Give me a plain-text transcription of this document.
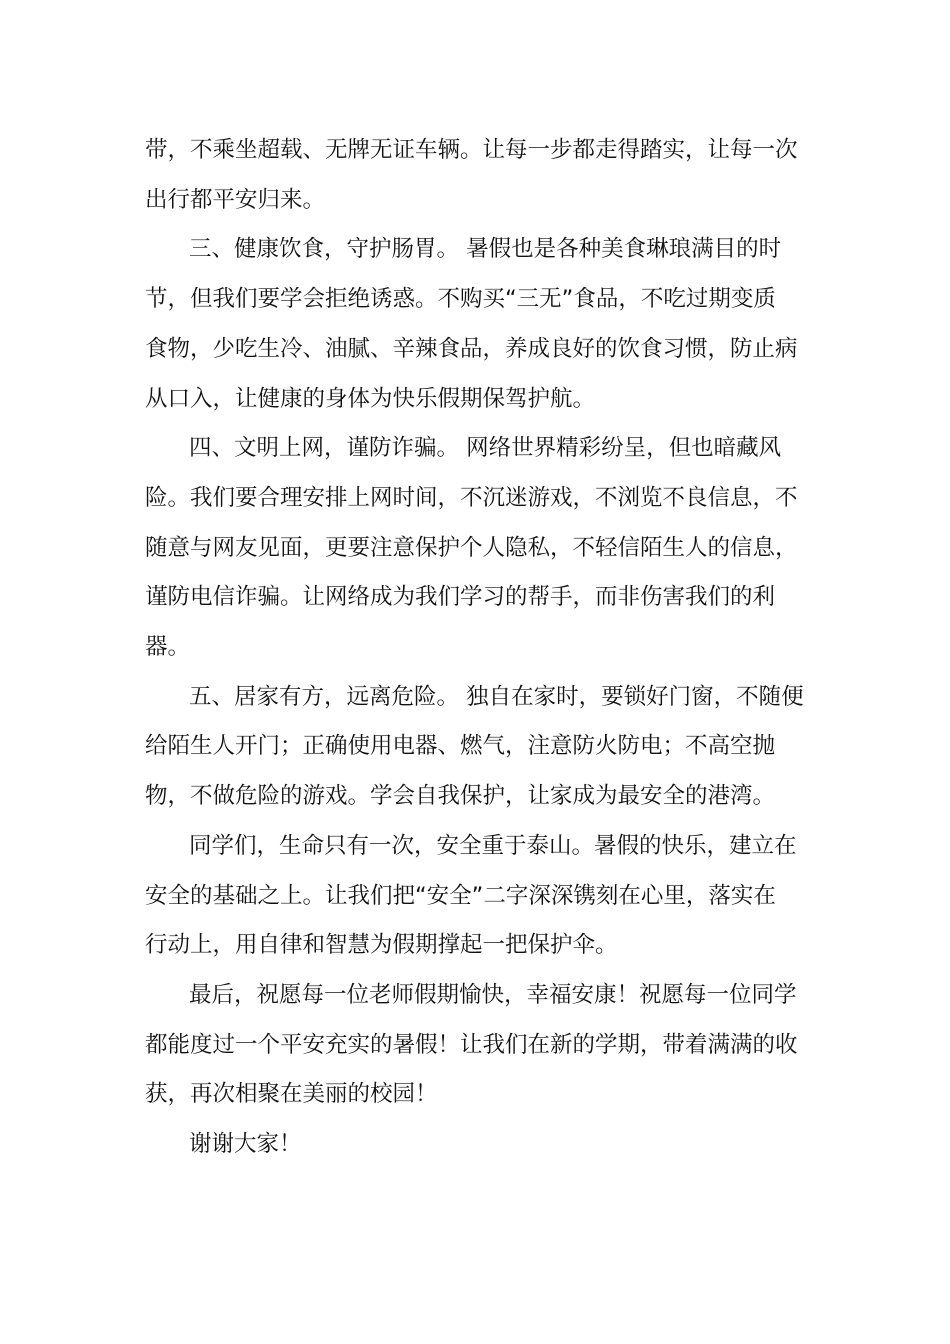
带，不乘坐超载、无牌无证车辆。让每一步都走得踏实，让每一次
出行都平安归来。

三、健康饮食，守护肠胃。 暑假也是各种美食琳琅满目的时
节，但我们要学会拒绝诱惑。不购买“三无”食品，不吃过期变质
食物，少吃生冷、油腻、辛辣食品，养成良好的饮食习惯，防止病
从口入，让健康的身体为快乐假期保驾护航。

四、文明上网，谨防诈骗。 网络世界精彩纷呈，但也暗藏风
险。我们要合理安排上网时间，不沉迷游戏，不浏览不良信息，不
随意与网友见面，更要注意保护个人隐私，不轻信陌生人的信息，
谨防电信诈骗。让网络成为我们学习的帮手，而非伤害我们的利
器。

五、居家有方，远离危险。 独自在家时，要锁好门窗，不随便
给陌生人开门；正确使用电器、燃气，注意防火防电；不高空抛
物，不做危险的游戏。学会自我保护，让家成为最安全的港湾。

同学们，生命只有一次，安全重于泰山。暑假的快乐，建立在
安全的基础之上。让我们把“安全”二字深深镌刻在心里，落实在
行动上，用自律和智慧为假期撑起一把保护伞。

最后，祝愿每一位老师假期愉快，幸福安康！祝愿每一位同学
都能度过一个平安充实的暑假！让我们在新的学期，带着满满的收
获，再次相聚在美丽的校园！

谢谢大家！
